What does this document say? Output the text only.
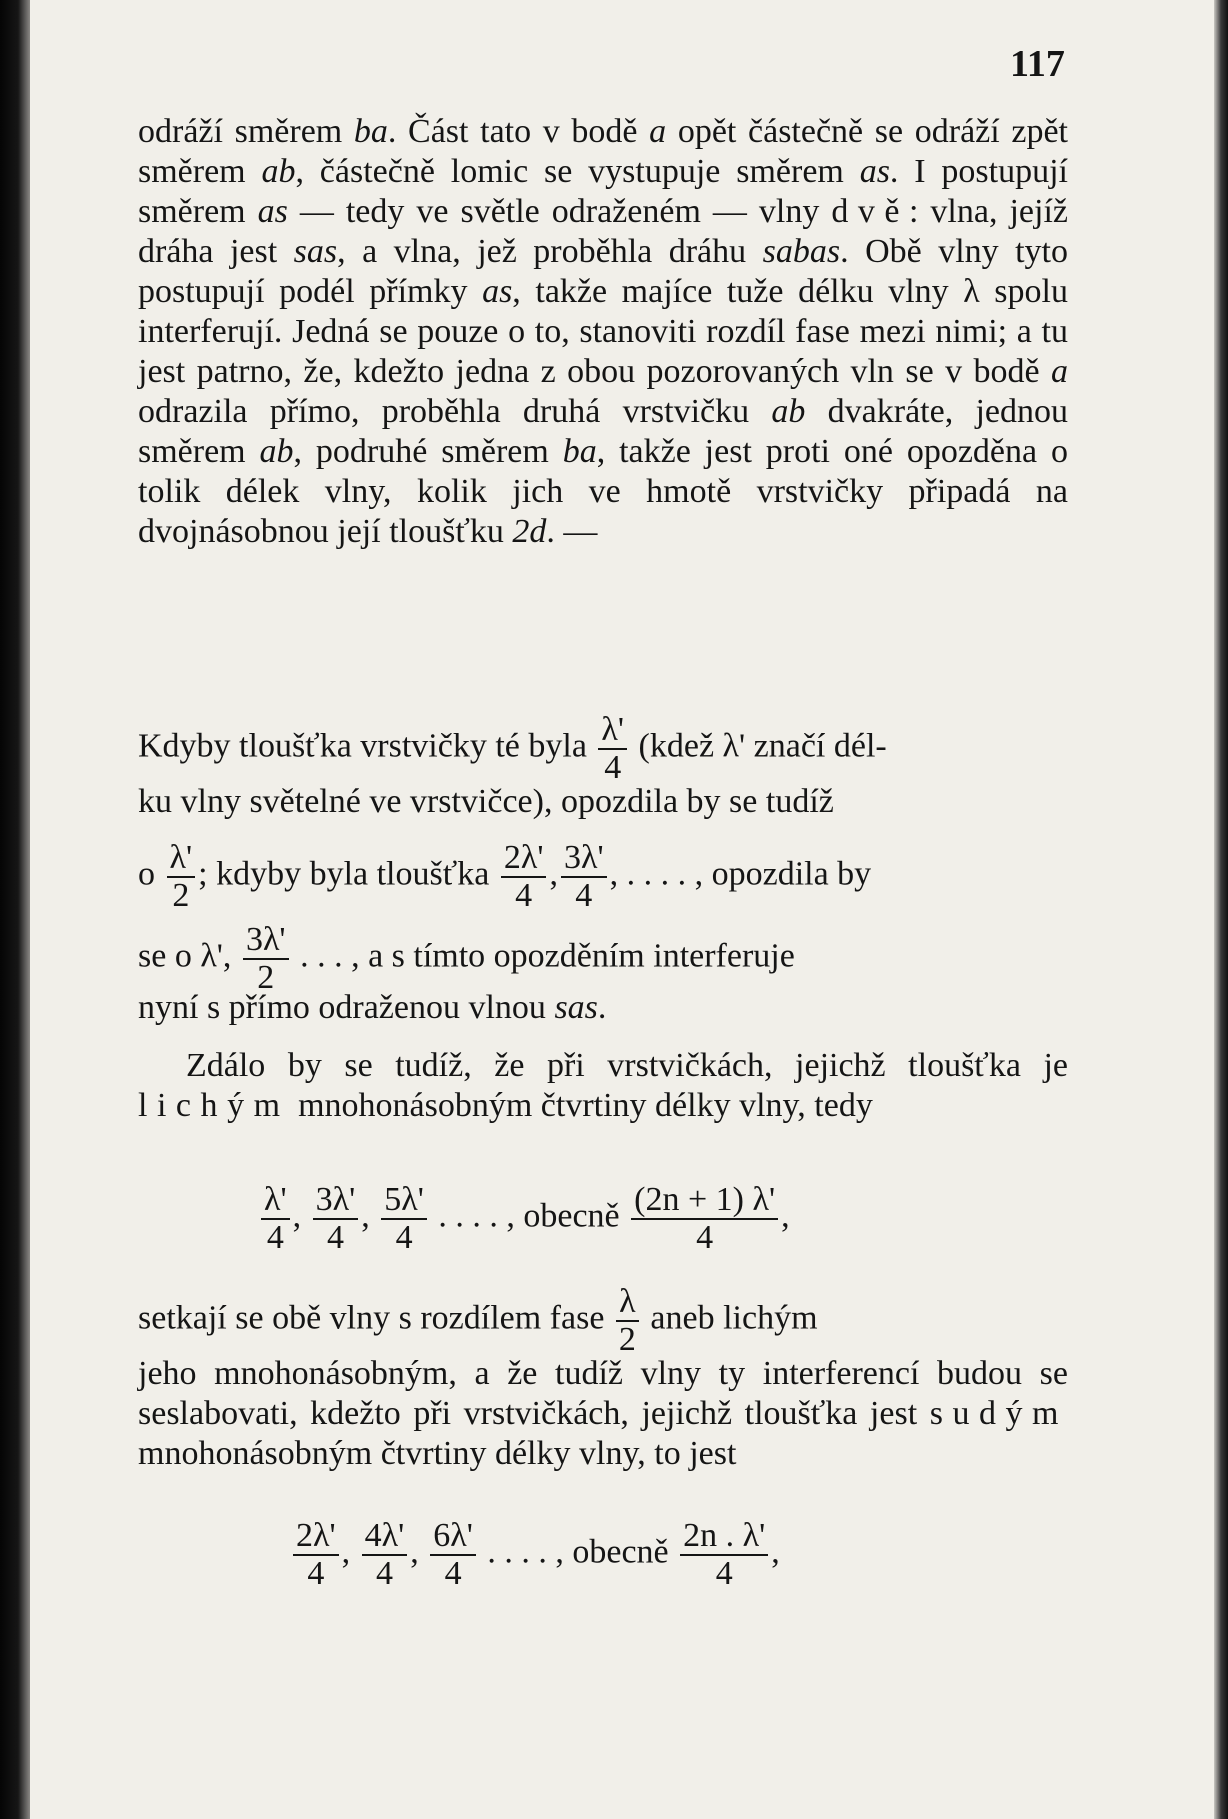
117

odráží směrem ba. Část tato v bodě a opět částečně se odráží zpět směrem ab, částečně lomic se vystupuje směrem as. I postupují směrem as — tedy ve světle odraženém — vlny dvě: vlna, jejíž dráha jest sas, a vlna, jež proběhla dráhu sabas. Obě vlny tyto postupují podél přímky as, takže majíce tuže délku vlny λ spolu interferují. Jedná se pouze o to, stanoviti rozdíl fase mezi nimi; a tu jest patrno, že, kdežto jedna z obou pozorovaných vln se v bodě a odrazila přímo, proběhla druhá vrstvičku ab dvakráte, jednou směrem ab, podruhé směrem ba, takže jest proti oné opozděna o tolik délek vlny, kolik jich ve hmotě vrstvičky připadá na dvojnásobnou její tloušťku 2d. —

Kdyby tloušťka vrstvičky té byla $\frac{\lambda'}{4}$ (kdež λ' značí dél-
ku vlny světelné ve vrstvičce), opozdila by se tudíž
o $\frac{\lambda'}{2}$ ; kdyby byla tloušťka $\frac{2\lambda'}{4}$ , $\frac{3\lambda'}{4}$ , . . . . , opozdila by
se o λ', $\frac{3\lambda'}{2}$ . . . , a s tímto opozděním interferuje
nyní s přímo odraženou vlnou sas.

Zdálo by se tudíž, že při vrstvičkách, jejichž tloušťka je lichým mnohonásobným čtvrtiny délky vlny, tedy

$\frac{\lambda'}{4}$ , $\frac{3\lambda'}{4}$ , $\frac{5\lambda'}{4}$ . . . . , obecně $\frac{(2n + 1) \lambda'}{4}$ ,
setkají se obě vlny s rozdílem fase $\frac{\lambda}{2}$ aneb lichým

jeho mnohonásobným, a že tudíž vlny ty interferencí budou se seslabovati, kdežto při vrstvičkách, jejichž tloušťka jest sudým mnohonásobným čtvrtiny délky vlny, to jest

$\frac{2\lambda'}{4}$ , $\frac{4\lambda'}{4}$ , $\frac{6\lambda'}{4}$ . . . . , obecně $\frac{2n . \lambda'}{4}$ ,
